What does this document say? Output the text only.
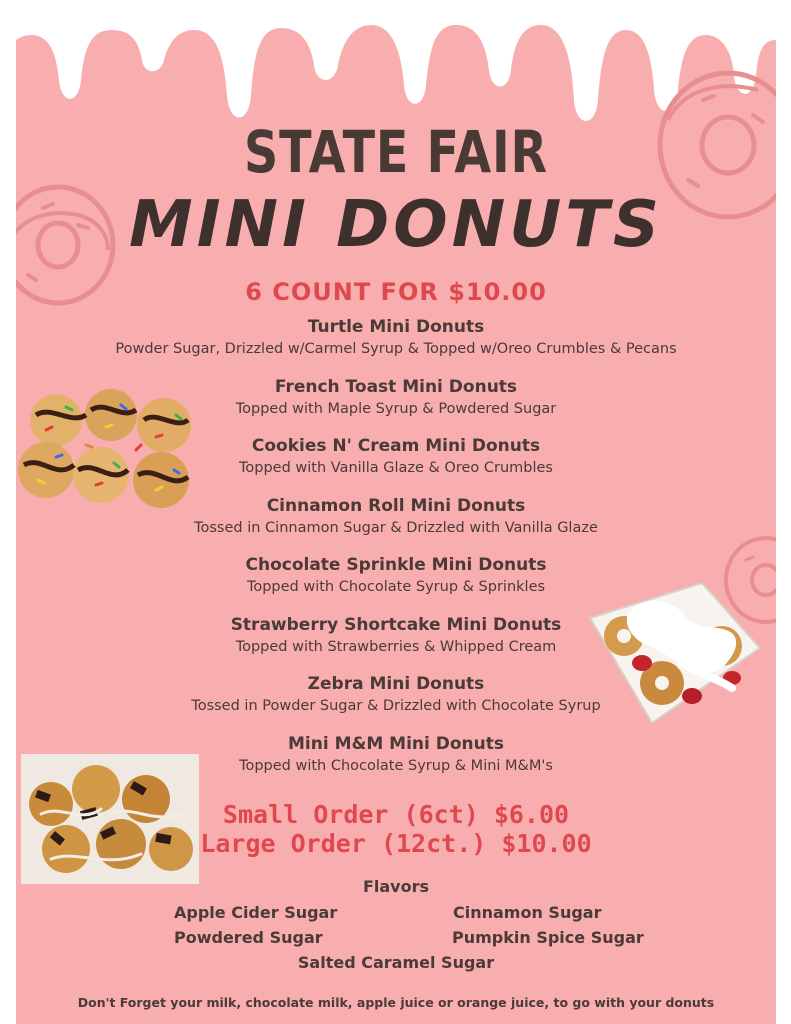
STATE FAIR
MINI DONUTS
6 COUNT FOR $10.00
Turtle Mini Donuts
Powder Sugar, Drizzled w/Carmel Syrup & Topped w/Oreo Crumbles & Pecans
French Toast Mini Donuts
Topped with Maple Syrup & Powdered Sugar
Cookies N' Cream Mini Donuts
Topped with Vanilla Glaze & Oreo Crumbles
Cinnamon Roll Mini Donuts
Tossed in Cinnamon Sugar & Drizzled with Vanilla Glaze
Chocolate Sprinkle Mini Donuts
Topped with Chocolate Syrup & Sprinkles
Strawberry Shortcake Mini Donuts
Topped with Strawberries & Whipped Cream
Zebra Mini Donuts
Tossed in Powder Sugar & Drizzled with Chocolate Syrup
Mini M&M Mini Donuts
Topped with Chocolate Syrup & Mini M&M's
Small Order (6ct) $6.00
Large Order (12ct.) $10.00
Flavors
Apple Cider Sugar	Cinnamon Sugar
Powdered Sugar	Pumpkin Spice Sugar
Salted Caramel Sugar
Don't Forget your milk, chocolate milk, apple juice or orange juice, to go with your donuts
